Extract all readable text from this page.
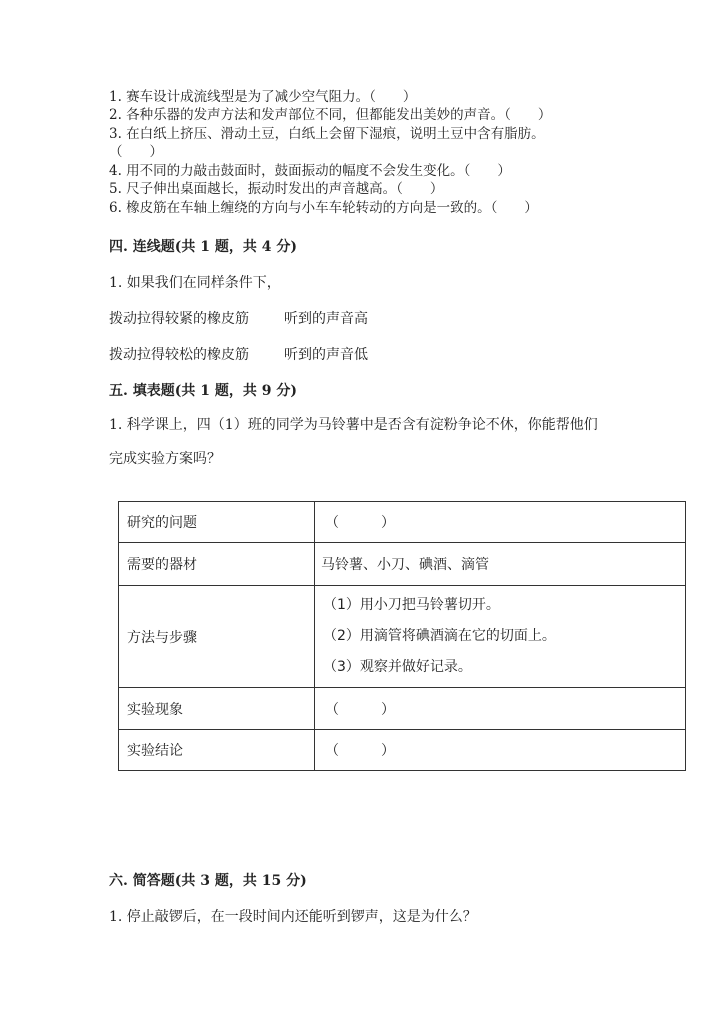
1. 赛车设计成流线型是为了减少空气阻力。（　　）
2. 各种乐器的发声方法和发声部位不同，但都能发出美妙的声音。（　　）
3. 在白纸上挤压、滑动土豆，白纸上会留下湿痕，说明土豆中含有脂肪。
（　　）
4. 用不同的力敲击鼓面时，鼓面振动的幅度不会发生变化。（　　）
5. 尺子伸出桌面越长，振动时发出的声音越高。（　　）
6. 橡皮筋在车轴上缠绕的方向与小车车轮转动的方向是一致的。（　　）
四. 连线题(共 1 题，共 4 分)
1. 如果我们在同样条件下，
拨动拉得较紧的橡皮筋	听到的声音高
拨动拉得较松的橡皮筋	听到的声音低
五. 填表题(共 1 题，共 9 分)
1. 科学课上，四（1）班的同学为马铃薯中是否含有淀粉争论不休，你能帮他们
完成实验方案吗？
研究的问题	（　　　）
需要的器材	马铃薯、小刀、碘酒、滴管
方法与步骤	（1）用小刀把马铃薯切开。
（2）用滴管将碘酒滴在它的切面上。
（3）观察并做好记录。

实验现象	（　　　）
实验结论	（　　　）
六. 简答题(共 3 题，共 15 分)
1. 停止敲锣后，在一段时间内还能听到锣声，这是为什么？
